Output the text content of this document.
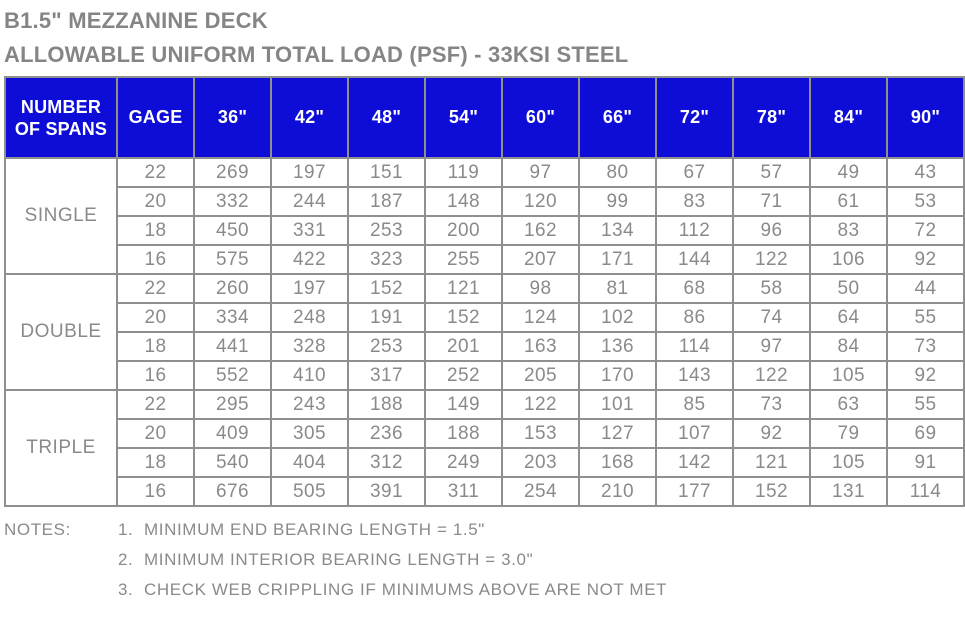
B1.5" MEZZANINE DECK
ALLOWABLE UNIFORM TOTAL LOAD (PSF) - 33KSI STEEL
NUMBER OF SPANS	GAGE	36"	42"	48"	54"	60"	66"	72"	78"	84"	90"
SINGLE	22	269	197	151	119	97	80	67	57	49	43
	20	332	244	187	148	120	99	83	71	61	53
	18	450	331	253	200	162	134	112	96	83	72
	16	575	422	323	255	207	171	144	122	106	92
DOUBLE	22	260	197	152	121	98	81	68	58	50	44
	20	334	248	191	152	124	102	86	74	64	55
	18	441	328	253	201	163	136	114	97	84	73
	16	552	410	317	252	205	170	143	122	105	92
TRIPLE	22	295	243	188	149	122	101	85	73	63	55
	20	409	305	236	188	153	127	107	92	79	69
	18	540	404	312	249	203	168	142	121	105	91
	16	676	505	391	311	254	210	177	152	131	114
NOTES:	1.  MINIMUM END BEARING LENGTH = 1.5"
2.  MINIMUM INTERIOR BEARING LENGTH = 3.0"
3.  CHECK WEB CRIPPLING IF MINIMUMS ABOVE ARE NOT MET
